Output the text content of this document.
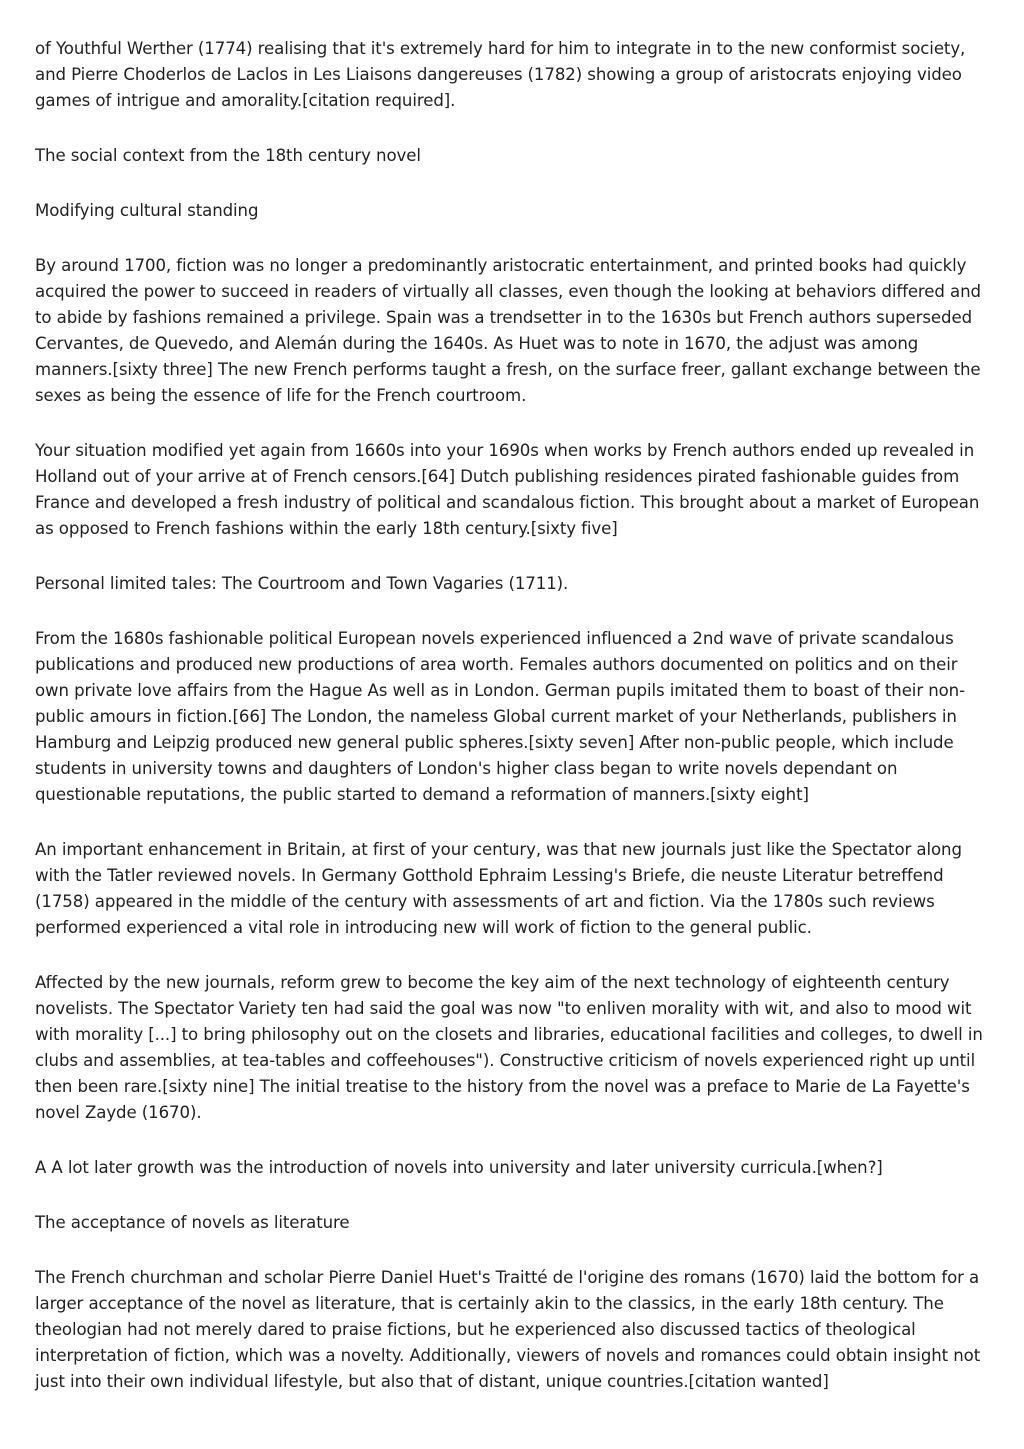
of Youthful Werther (1774) realising that it's extremely hard for him to integrate in to the new conformist society, and Pierre Choderlos de Laclos in Les Liaisons dangereuses (1782) showing a group of aristocrats enjoying video games of intrigue and amorality.[citation required].

The social context from the 18th century novel

Modifying cultural standing

By around 1700, fiction was no longer a predominantly aristocratic entertainment, and printed books had quickly acquired the power to succeed in readers of virtually all classes, even though the looking at behaviors differed and to abide by fashions remained a privilege. Spain was a trendsetter in to the 1630s but French authors superseded Cervantes, de Quevedo, and Alemán during the 1640s. As Huet was to note in 1670, the adjust was among manners.[sixty three] The new French performs taught a fresh, on the surface freer, gallant exchange between the sexes as being the essence of life for the French courtroom.

Your situation modified yet again from 1660s into your 1690s when works by French authors ended up revealed in Holland out of your arrive at of French censors.[64] Dutch publishing residences pirated fashionable guides from France and developed a fresh industry of political and scandalous fiction. This brought about a market of European as opposed to French fashions within the early 18th century.[sixty five]

Personal limited tales: The Courtroom and Town Vagaries (1711).

From the 1680s fashionable political European novels experienced influenced a 2nd wave of private scandalous publications and produced new productions of area worth. Females authors documented on politics and on their own private love affairs from the Hague As well as in London. German pupils imitated them to boast of their non-public amours in fiction.[66] The London, the nameless Global current market of your Netherlands, publishers in Hamburg and Leipzig produced new general public spheres.[sixty seven] After non-public people, which include students in university towns and daughters of London's higher class began to write novels dependant on questionable reputations, the public started to demand a reformation of manners.[sixty eight]

An important enhancement in Britain, at first of your century, was that new journals just like the Spectator along with the Tatler reviewed novels. In Germany Gotthold Ephraim Lessing's Briefe, die neuste Literatur betreffend (1758) appeared in the middle of the century with assessments of art and fiction. Via the 1780s such reviews performed experienced a vital role in introducing new will work of fiction to the general public.

Affected by the new journals, reform grew to become the key aim of the next technology of eighteenth century novelists. The Spectator Variety ten had said the goal was now "to enliven morality with wit, and also to mood wit with morality [...] to bring philosophy out on the closets and libraries, educational facilities and colleges, to dwell in clubs and assemblies, at tea-tables and coffeehouses"). Constructive criticism of novels experienced right up until then been rare.[sixty nine] The initial treatise to the history from the novel was a preface to Marie de La Fayette's novel Zayde (1670).

A A lot later growth was the introduction of novels into university and later university curricula.[when?]

The acceptance of novels as literature

The French churchman and scholar Pierre Daniel Huet's Traitté de l'origine des romans (1670) laid the bottom for a larger acceptance of the novel as literature, that is certainly akin to the classics, in the early 18th century. The theologian had not merely dared to praise fictions, but he experienced also discussed tactics of theological interpretation of fiction, which was a novelty. Additionally, viewers of novels and romances could obtain insight not just into their own individual lifestyle, but also that of distant, unique countries.[citation wanted]
